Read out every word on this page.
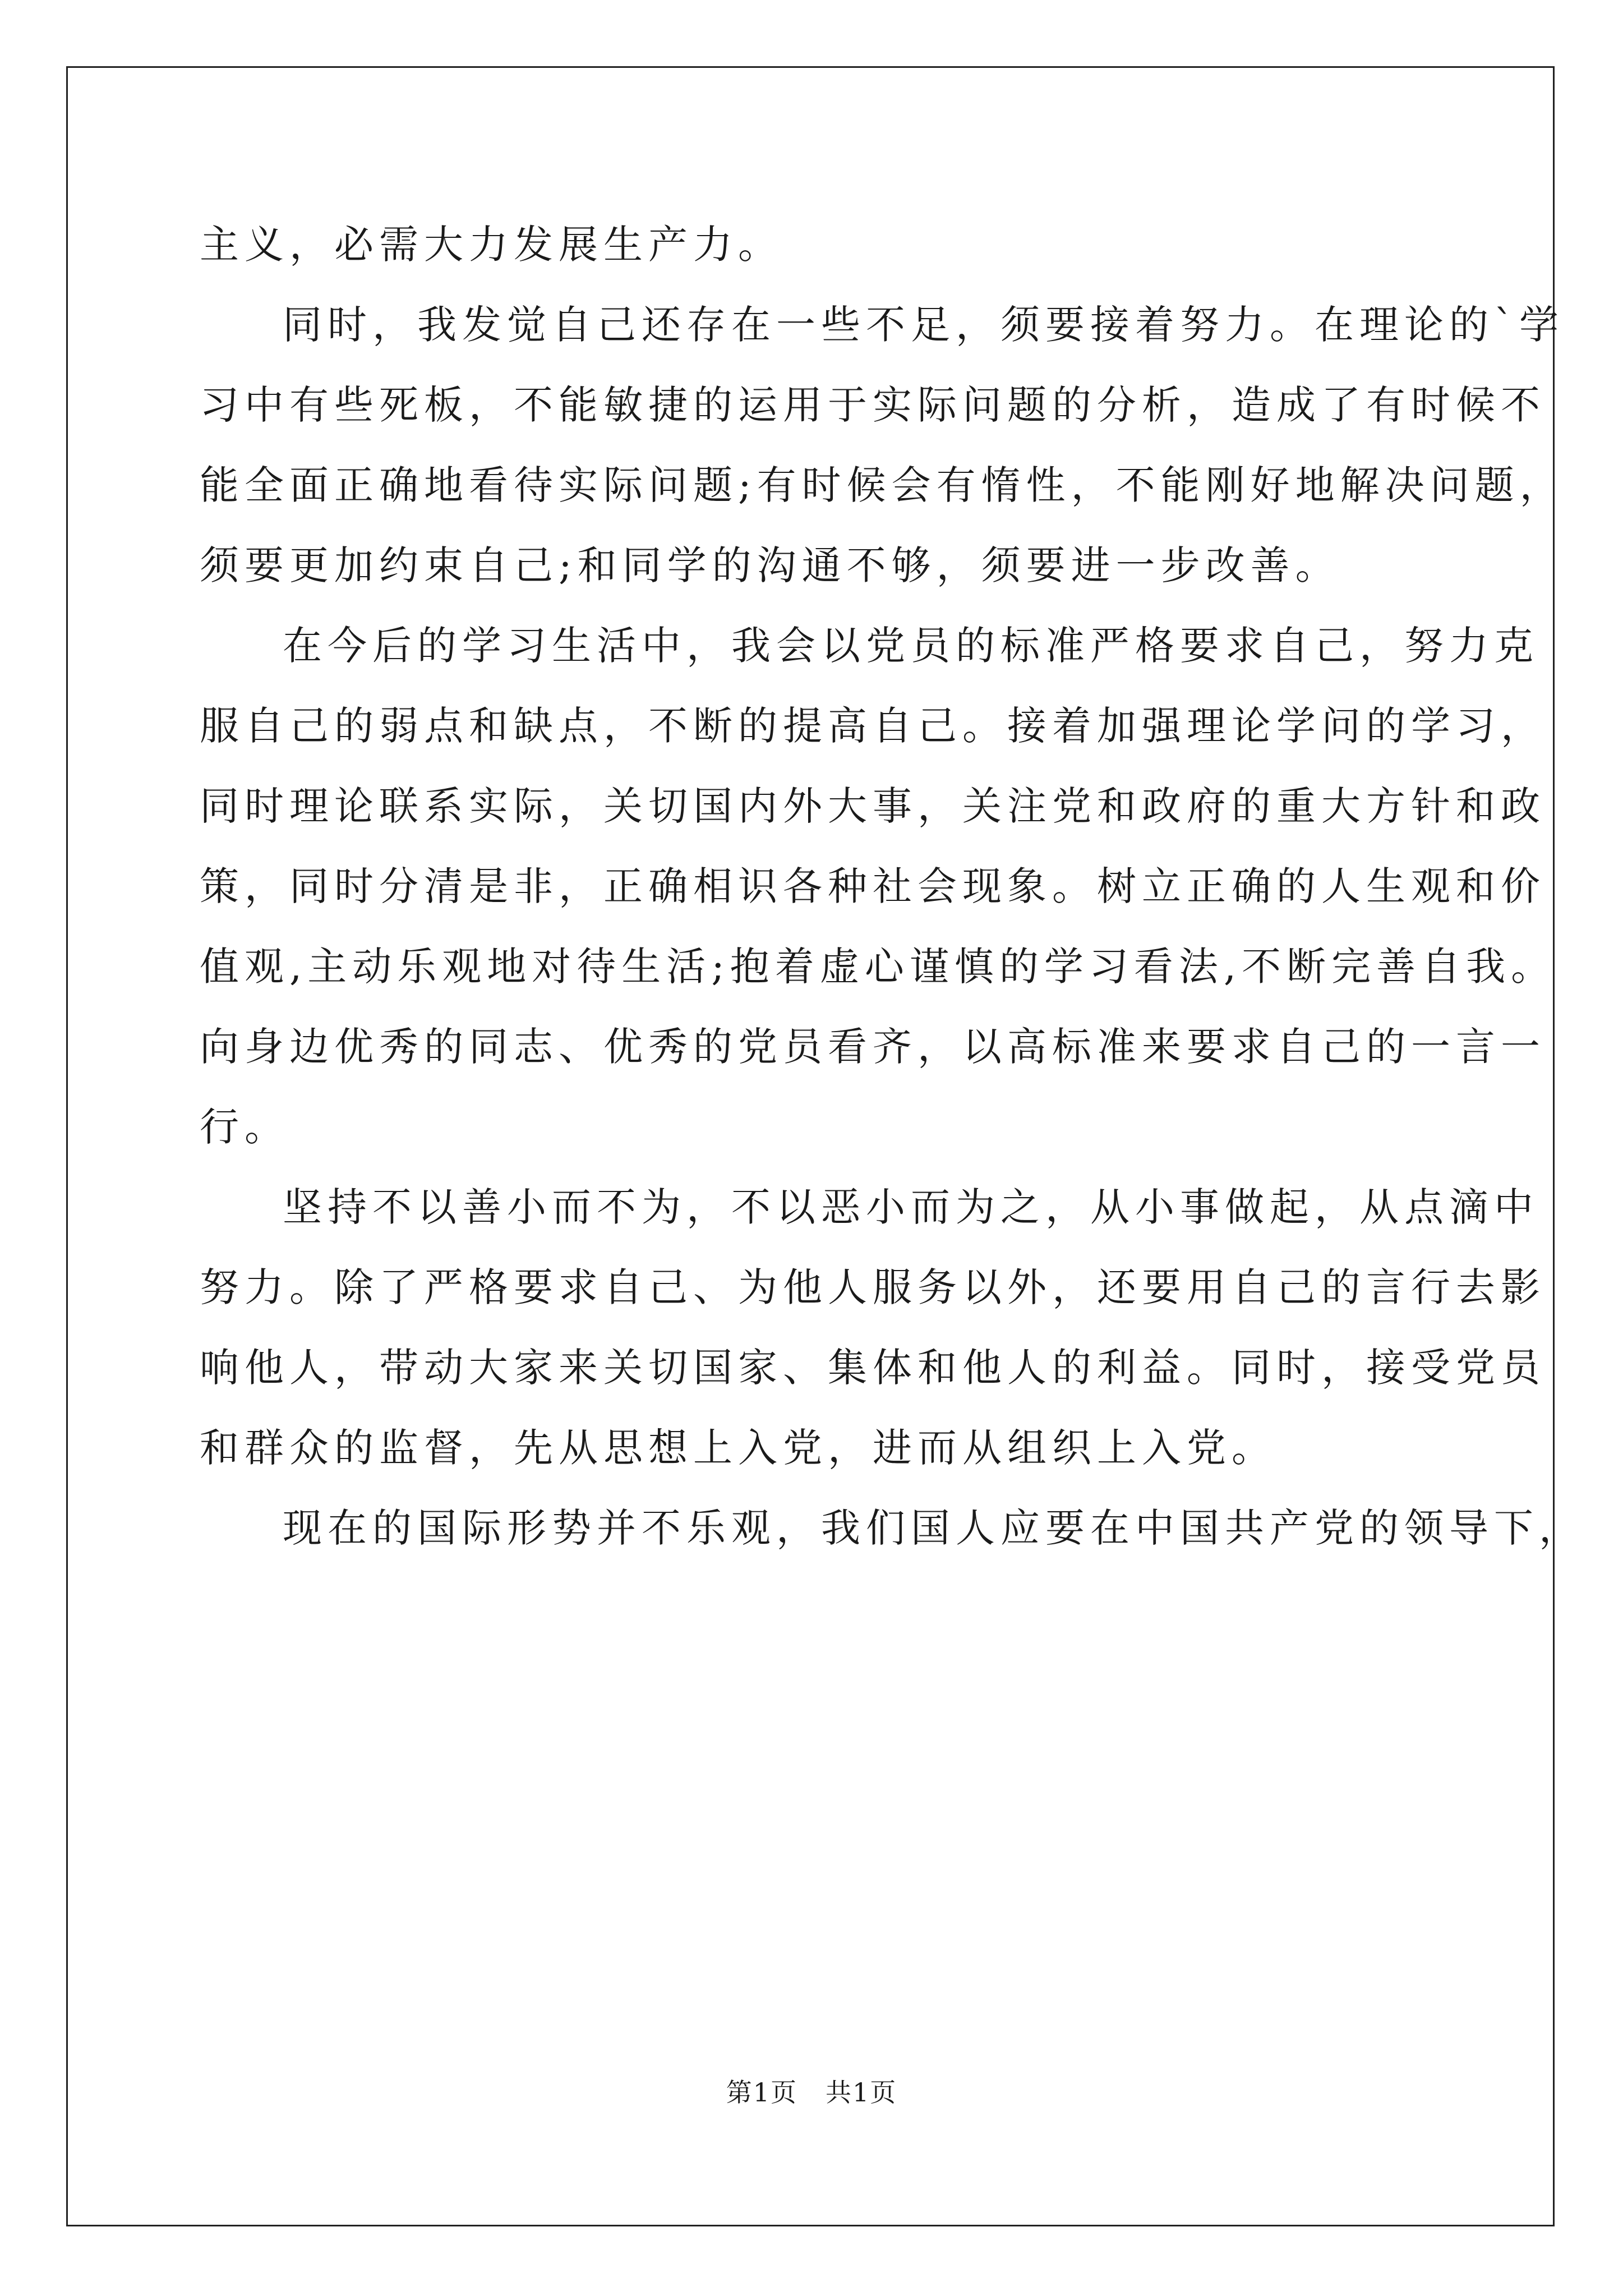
主义，必需大力发展生产力。
同时，我发觉自己还存在一些不足，须要接着努力。在理论的`学
习中有些死板，不能敏捷的运用于实际问题的分析，造成了有时候不
能全面正确地看待实际问题;有时候会有惰性，不能刚好地解决问题，
须要更加约束自己;和同学的沟通不够，须要进一步改善。
在今后的学习生活中，我会以党员的标准严格要求自己，努力克
服自己的弱点和缺点，不断的提高自己。接着加强理论学问的学习，
同时理论联系实际，关切国内外大事，关注党和政府的重大方针和政
策，同时分清是非，正确相识各种社会现象。树立正确的人生观和价
值观,主动乐观地对待生活;抱着虚心谨慎的学习看法,不断完善自我。
向身边优秀的同志、优秀的党员看齐，以高标准来要求自己的一言一
行。
坚持不以善小而不为，不以恶小而为之，从小事做起，从点滴中
努力。除了严格要求自己、为他人服务以外，还要用自己的言行去影
响他人，带动大家来关切国家、集体和他人的利益。同时，接受党员
和群众的监督，先从思想上入党，进而从组织上入党。
现在的国际形势并不乐观，我们国人应要在中国共产党的领导下，
第1页 共1页
